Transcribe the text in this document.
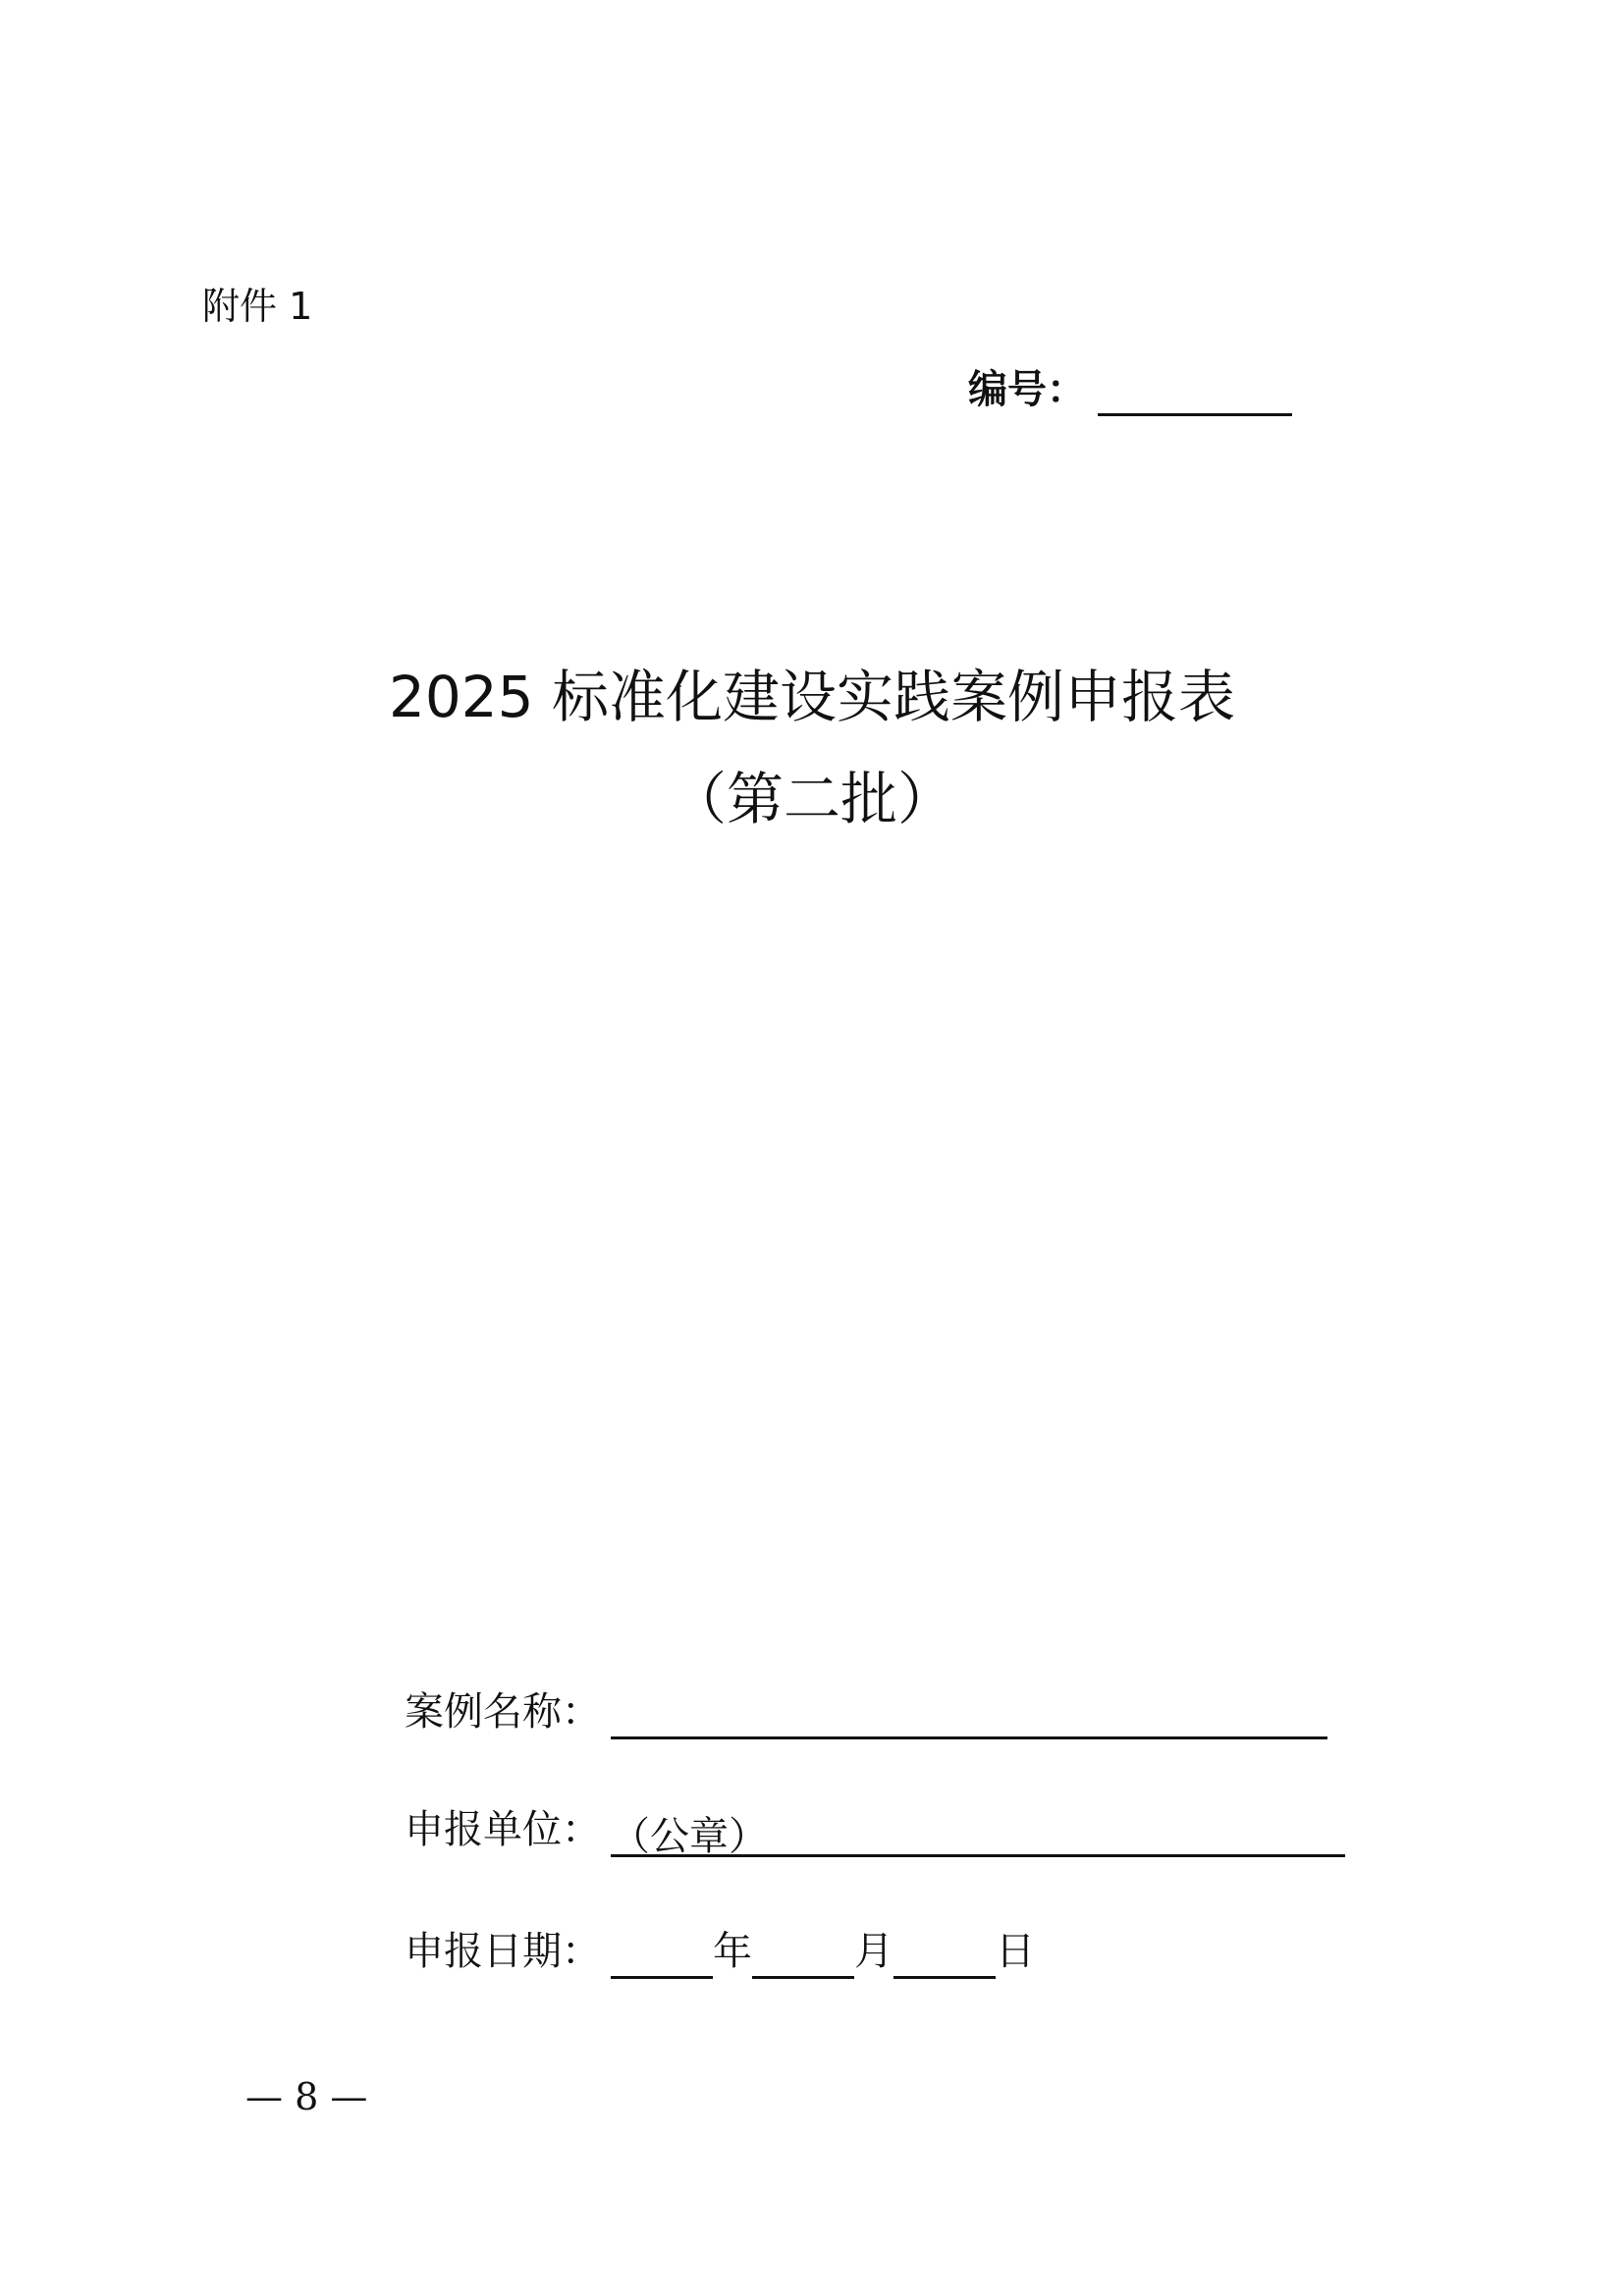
附件 1
编号：
2025 标准化建设实践案例申报表
（第二批）
案例名称：
申报单位： （公章）
申报日期：	年	月	日
— 8 —
